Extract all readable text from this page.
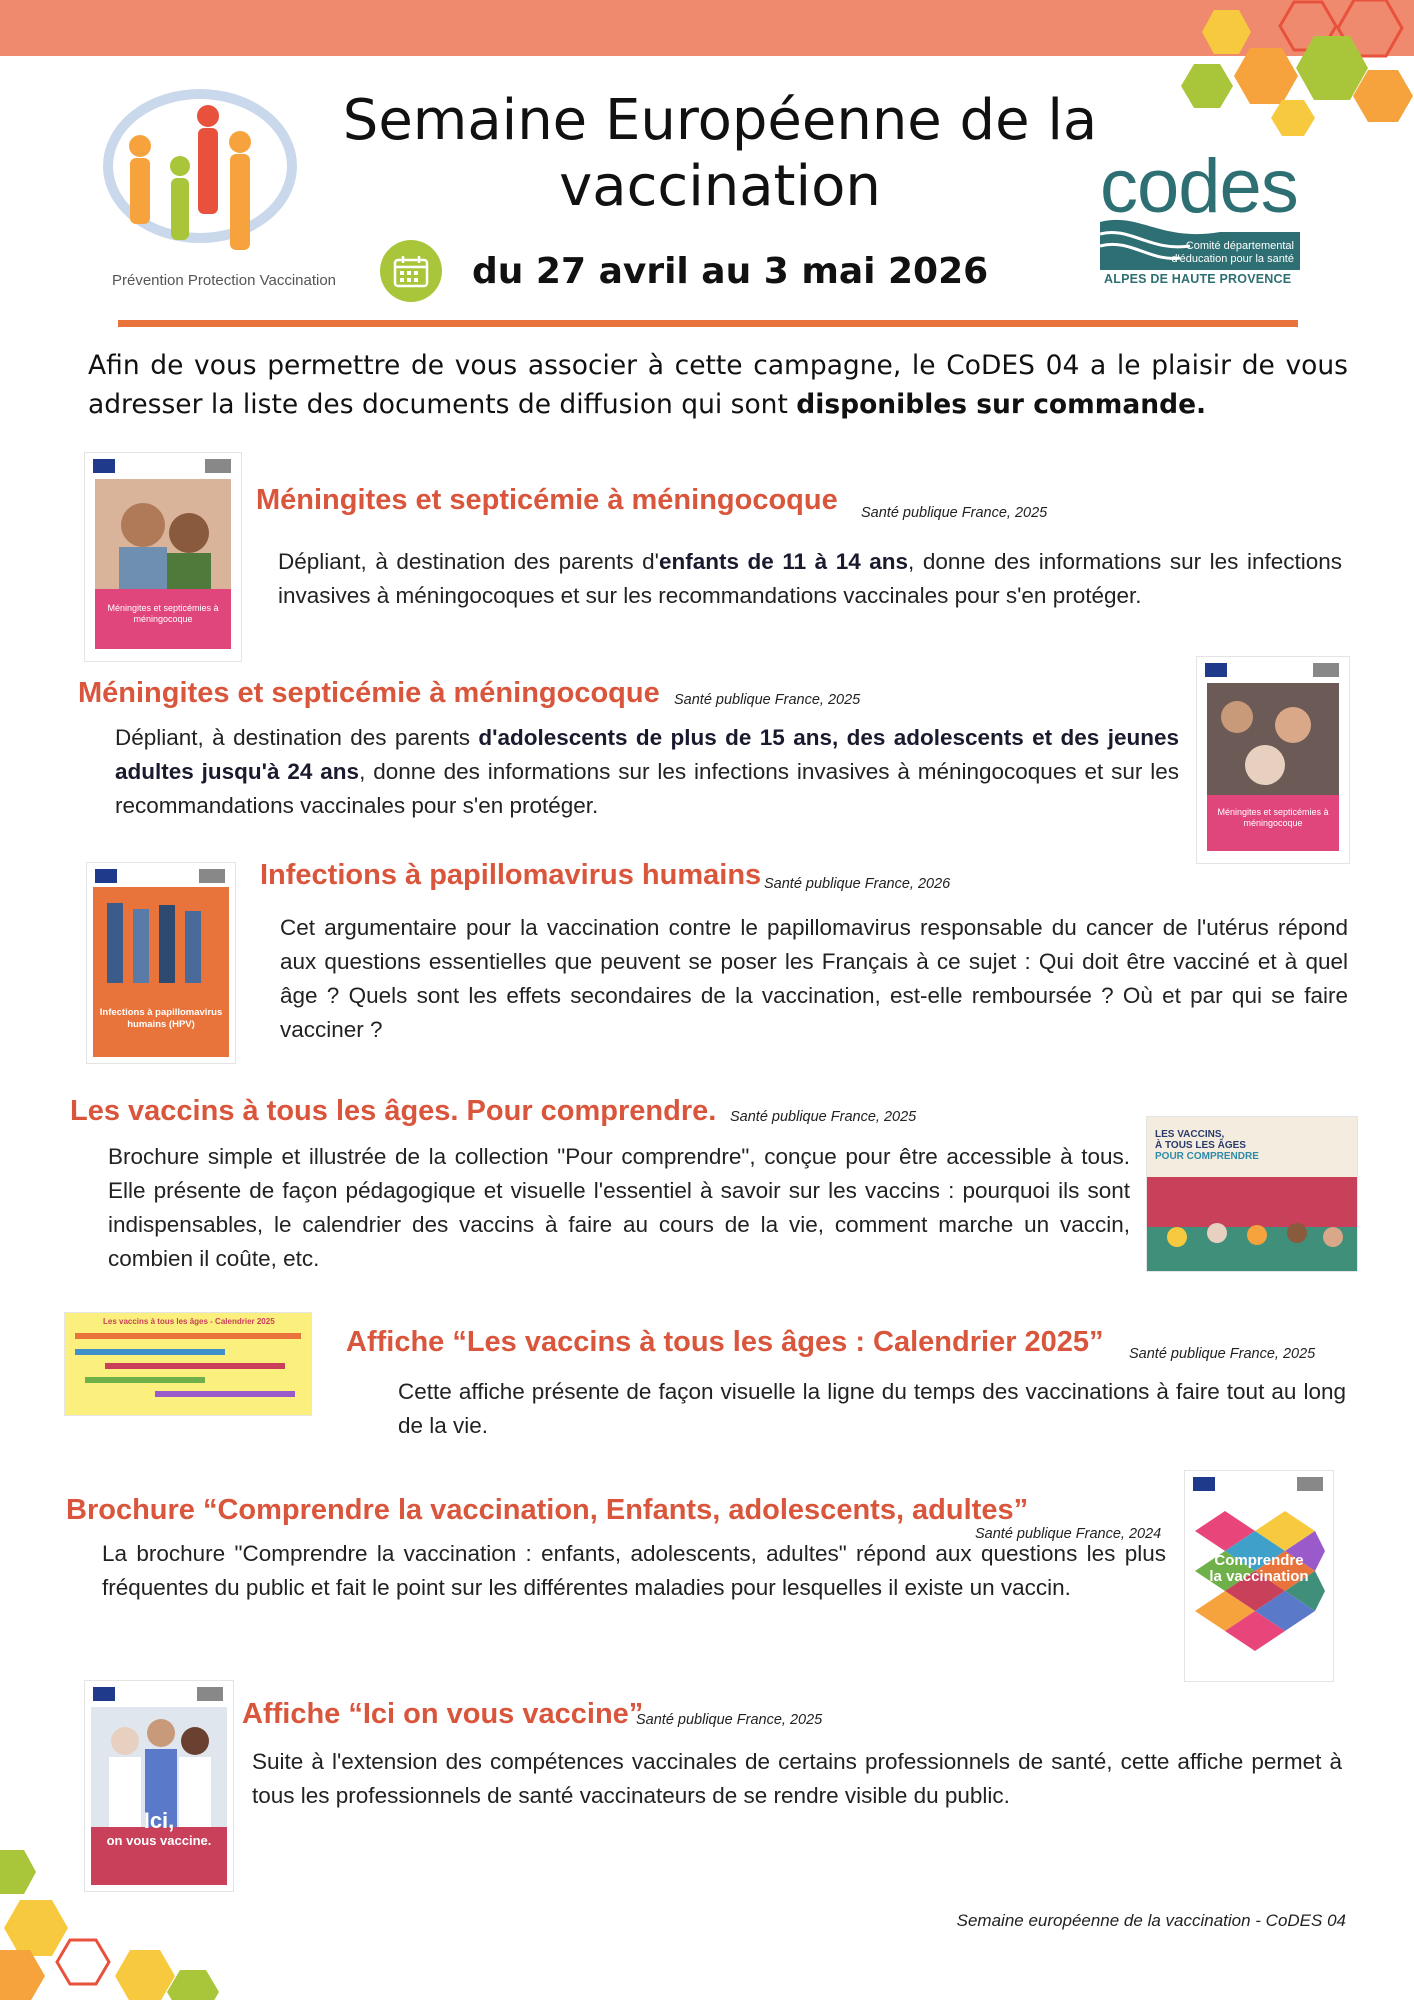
Prévention Protection Vaccination
Semaine Européenne de la
vaccination
du 27 avril au 3 mai 2026
codes
Comité départemental
d'éducation pour la santé
ALPES DE HAUTE PROVENCE
Afin de vous permettre de vous associer à cette campagne, le CoDES 04 a le plaisir de vous adresser la liste des documents de diffusion qui sont disponibles sur commande.
Méningites et septicémies à méningocoque
Méningites et septicémie à méningocoque Santé publique France, 2025
Dépliant, à destination des parents d'enfants de 11 à 14 ans, donne des informations sur les infections invasives à méningocoques et sur les recommandations vaccinales pour s'en protéger.
Méningites et septicémie à méningocoque Santé publique France, 2025
Dépliant, à destination des parents d'adolescents de plus de 15 ans, des adolescents et des jeunes adultes jusqu'à 24 ans, donne des informations sur les infections invasives à méningocoques et sur les recommandations vaccinales pour s'en protéger.	Méningites et septicémies à méningocoque
Infections à papillomavirus humains (HPV)
Infections à papillomavirus humains Santé publique France, 2026
Cet argumentaire pour la vaccination contre le papillomavirus responsable du cancer de l'utérus répond aux questions essentielles que peuvent se poser les Français à ce sujet : Qui doit être vacciné et à quel âge ? Quels sont les effets secondaires de la vaccination, est-elle remboursée ? Où et par qui se faire vacciner ?
Les vaccins à tous les âges. Pour comprendre. Santé publique France, 2025
Brochure simple et illustrée de la collection "Pour comprendre", conçue pour être accessible à tous. Elle présente de façon pédagogique et visuelle l'essentiel à savoir sur les vaccins : pourquoi ils sont indispensables, le calendrier des vaccins à faire au cours de la vie, comment marche un vaccin, combien il coûte, etc.
LES VACCINS,
À TOUS LES ÂGES
POUR COMPRENDRE
Les vaccins à tous les âges - Calendrier 2025
Affiche “Les vaccins à tous les âges : Calendrier 2025” Santé publique France, 2025
Cette affiche présente de façon visuelle la ligne du temps des vaccinations à faire tout au long de la vie.
Brochure “Comprendre la vaccination, Enfants, adolescents, adultes”
Santé publique France, 2024
La brochure "Comprendre la vaccination : enfants, adolescents, adultes" répond aux questions les plus fréquentes du public et fait le point sur les différentes maladies pour lesquelles il existe un vaccin.
Comprendre
la vaccination
Ici,
on vous vaccine.
Affiche “Ici on vous vaccine”
Santé publique France, 2025
Suite à l'extension des compétences vaccinales de certains professionnels de santé, cette affiche permet à tous les professionnels de santé vaccinateurs de se rendre visible du public.
Semaine européenne de la vaccination - CoDES 04
